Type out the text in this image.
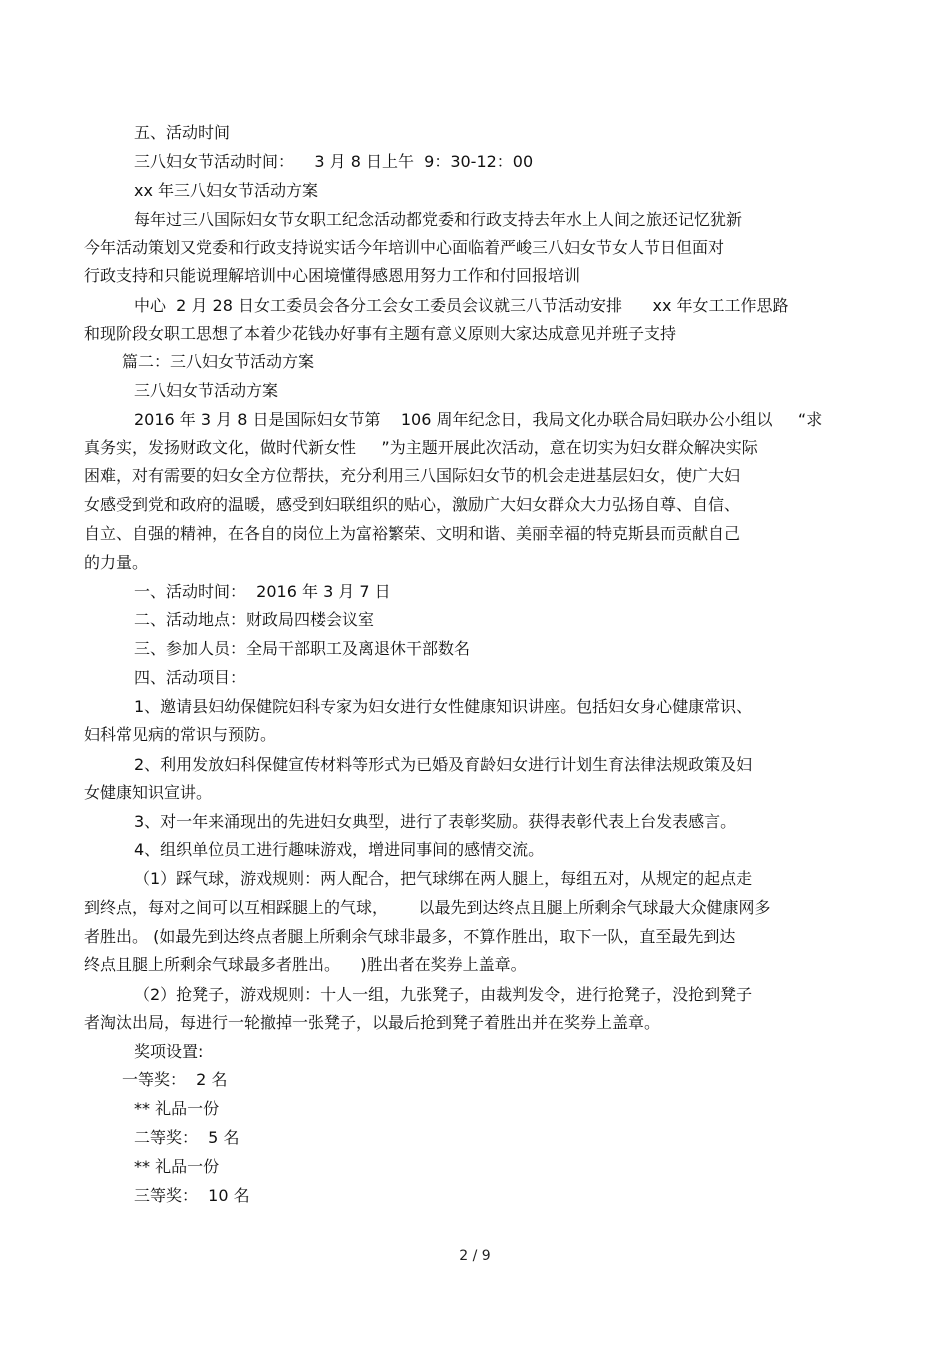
五、活动时间
三八妇女节活动时间：    3 月 8 日上午  9：30-12：00
xx 年三八妇女节活动方案
每年过三八国际妇女节女职工纪念活动都党委和行政支持去年水上人间之旅还记忆犹新
今年活动策划又党委和行政支持说实话今年培训中心面临着严峻三八妇女节女人节日但面对
行政支持和只能说理解培训中心困境懂得感恩用努力工作和付回报培训
中心  2 月 28 日女工委员会各分工会女工委员会议就三八节活动安排      xx 年女工工作思路
和现阶段女职工思想了本着少花钱办好事有主题有意义原则大家达成意见并班子支持
篇二：三八妇女节活动方案
三八妇女节活动方案
2016 年 3 月 8 日是国际妇女节第    106 周年纪念日，我局文化办联合局妇联办公小组以     “求
真务实，发扬财政文化，做时代新女性     ”为主题开展此次活动，意在切实为妇女群众解决实际
困难，对有需要的妇女全方位帮扶，充分利用三八国际妇女节的机会走进基层妇女，使广大妇
女感受到党和政府的温暖，感受到妇联组织的贴心，激励广大妇女群众大力弘扬自尊、自信、
自立、自强的精神，在各自的岗位上为富裕繁荣、文明和谐、美丽幸福的特克斯县而贡献自己
的力量。
一、活动时间：  2016 年 3 月 7 日
二、活动地点：财政局四楼会议室
三、参加人员：全局干部职工及离退休干部数名
四、活动项目：
1、邀请县妇幼保健院妇科专家为妇女进行女性健康知识讲座。包括妇女身心健康常识、
妇科常见病的常识与预防。
2、利用发放妇科保健宣传材料等形式为已婚及育龄妇女进行计划生育法律法规政策及妇
女健康知识宣讲。
3、对一年来涌现出的先进妇女典型，进行了表彰奖励。获得表彰代表上台发表感言。
4、组织单位员工进行趣味游戏，增进同事间的感情交流。
（1）踩气球，游戏规则：两人配合，把气球绑在两人腿上，每组五对，从规定的起点走
到终点，每对之间可以互相踩腿上的气球，      以最先到达终点且腿上所剩余气球最大众健康网多
者胜出。 (如最先到达终点者腿上所剩余气球非最多，不算作胜出，取下一队，直至最先到达
终点且腿上所剩余气球最多者胜出。    )胜出者在奖券上盖章。
（2）抢凳子，游戏规则：十人一组，九张凳子，由裁判发令，进行抢凳子，没抢到凳子
者淘汰出局，每进行一轮撤掉一张凳子，以最后抢到凳子着胜出并在奖券上盖章。
奖项设置:
一等奖：  2 名
** 礼品一份
二等奖：  5 名
** 礼品一份
三等奖：  10 名
2 / 9
